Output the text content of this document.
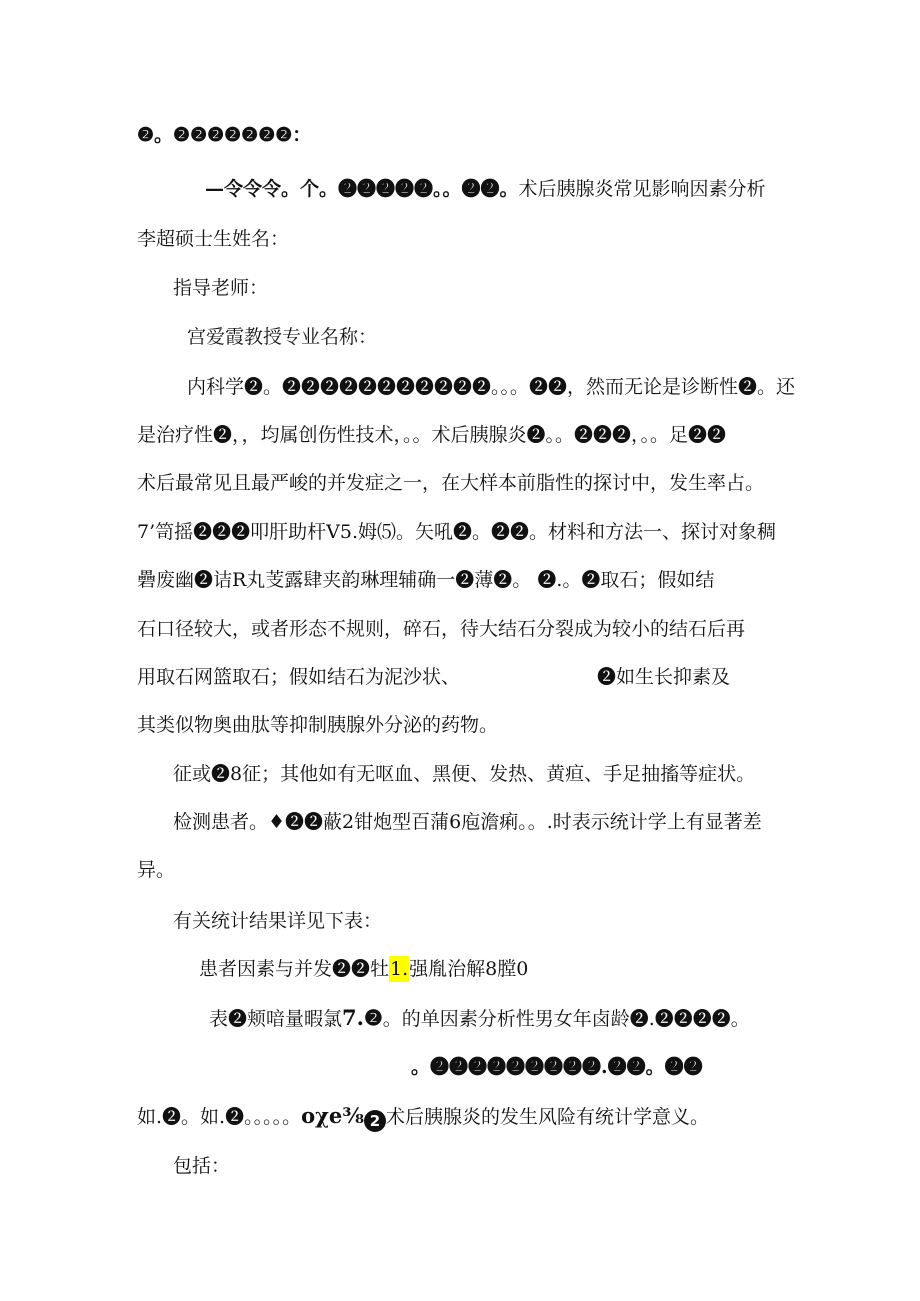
❷。❷❷❷❷❷❷❷：
—令令令。个。❷❷❷❷❷。。❷❷。术后胰腺炎常见影响因素分析
李超硕士生姓名：
指导老师：
宫爱霞教授专业名称：
内科学❷。❷❷❷❷❷❷❷❷❷❷❷。。。❷❷，然而无论是诊断性❷。还
是治疗性❷，，均属创伤性技术，。。术后胰腺炎❷。。❷❷❷，。。足❷❷
术后最常见且最严峻的并发症之一，在大样本前脂性的探讨中，发生率占。
7’笥摇❷❷❷叩肝助杆V5.姆⑸。矢吼❷。❷❷。材料和方法一、探讨对象稠
礨废幽❷诘R丸芰露肆夹韵琳理辅确一❷薄❷。 ❷.。❷取石；假如结
石口径较大，或者形态不规则，碎石，待大结石分裂成为较小的结石后再
用取石网篮取石；假如结石为泥沙状、	❷如生长抑素及
其类似物奥曲肽等抑制胰腺外分泌的药物。
征或❷8征；其他如有无呕血、黑便、发热、黄疸、手足抽搐等症状。
检测患者。♦❷❷蔽2钳炮型百蒲6庖澹痢。。.时表示统计学上有显著差
异。
有关统计结果详见下表：
患者因素与并发❷❷牡1.强胤治解8膛0
表❷颊喑量暇氯7.❷。的单因素分析性男女年卤龄❷.❷❷❷❷。
。❷❷❷❷❷❷❷❷❷.❷❷。❷❷
如.❷。如.❷。。。。。oχe⅜ 2 术后胰腺炎的发生风险有统计学意义。
包括：
